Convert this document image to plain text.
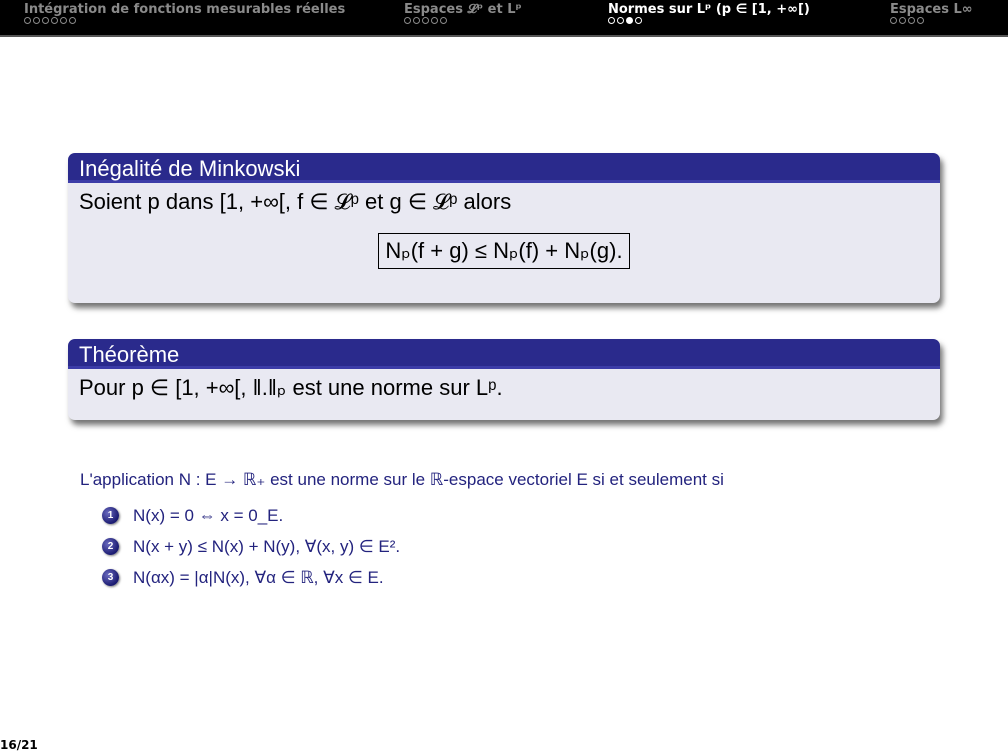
Intégration de fonctions mesurables réelles	Espaces 𝓛ᵖ et Lᵖ	Normes sur Lᵖ (p ∈ [1, +∞[)	Espaces L∞
Inégalité de Minkowski
Soient p dans [1, +∞[, f ∈ 𝓛ᵖ et g ∈ 𝓛ᵖ alors
Nₚ(f + g) ≤ Nₚ(f) + Nₚ(g).
Théorème
Pour p ∈ [1, +∞[, ‖.‖ₚ est une norme sur Lᵖ.
L'application N : E → ℝ₊ est une norme sur le ℝ-espace vectoriel E si et seulement si
1	N(x) = 0 ⇔ x = 0_E.
2	N(x + y) ≤ N(x) + N(y), ∀(x, y) ∈ E².
3	N(αx) = |α|N(x), ∀α ∈ ℝ, ∀x ∈ E.
16/21
